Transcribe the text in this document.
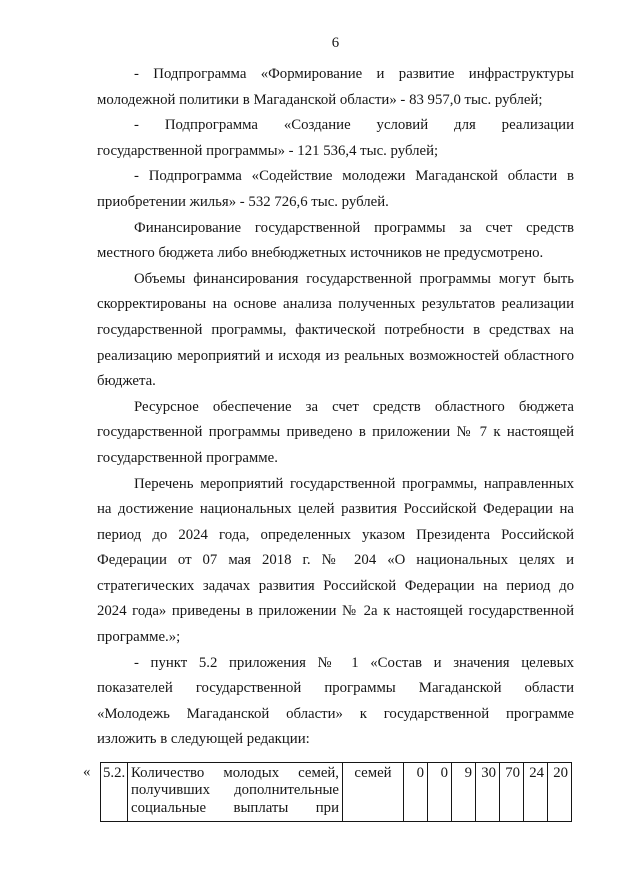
6
- Подпрограмма «Формирование и развитие инфраструктуры
молодежной политики в Магаданской области» - 83 957,0 тыс. рублей;
- Подпрограмма «Создание условий для реализации
государственной программы» - 121 536,4 тыс. рублей;
- Подпрограмма «Содействие молодежи Магаданской области в
приобретении жилья» - 532 726,6 тыс. рублей.
Финансирование государственной программы за счет средств
местного бюджета либо внебюджетных источников не предусмотрено.
Объемы финансирования государственной программы могут быть
скорректированы на основе анализа полученных результатов реализации
государственной программы, фактической потребности в средствах на
реализацию мероприятий и исходя из реальных возможностей областного
бюджета.
Ресурсное обеспечение за счет средств областного бюджета
государственной программы приведено в приложении № 7 к настоящей
государственной программе.
Перечень мероприятий государственной программы, направленных
на достижение национальных целей развития Российской Федерации на
период до 2024 года, определенных указом Президента Российской
Федерации от 07 мая 2018 г. № 204 «О национальных целях и
стратегических задачах развития Российской Федерации на период до
2024 года» приведены в приложении № 2а к настоящей государственной
программе.»;
- пункт 5.2 приложения № 1 «Состав и значения целевых
показателей государственной программы Магаданской области
«Молодежь Магаданской области» к государственной программе
изложить в следующей редакции:
« 5.2.	Количество молодых семей,
получивших дополнительные
социальные выплаты при
	семей	0	0	9	30	70	24	20
